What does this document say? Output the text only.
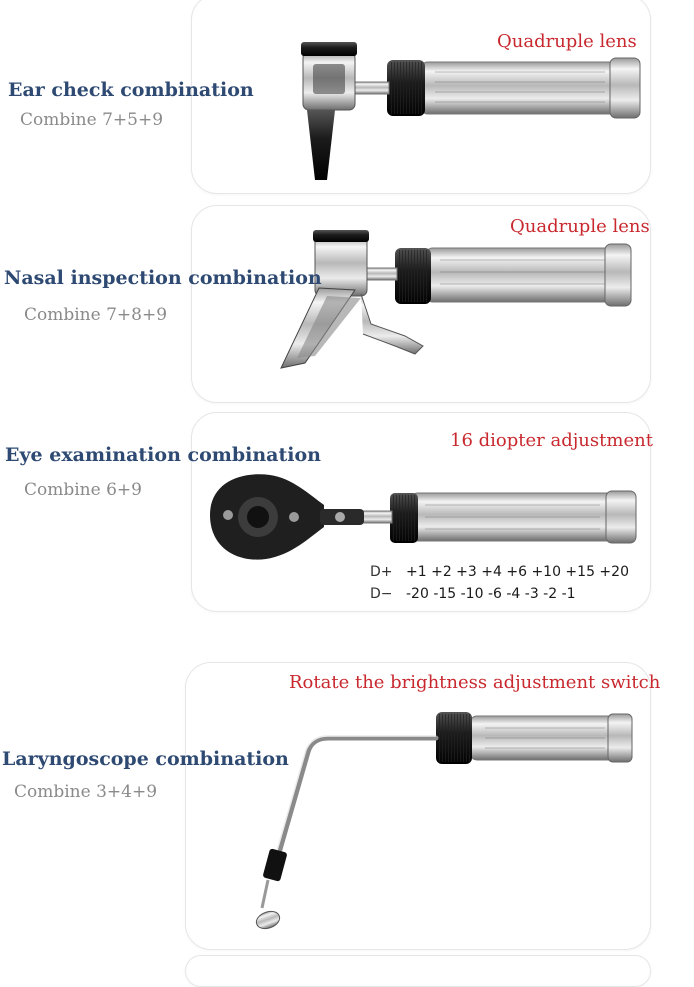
Ear check combination
Combine 7+5+9
Quadruple lens
Nasal inspection combination
Combine 7+8+9
Quadruple lens
D+ +1 +2 +3 +4 +6 +10 +15 +20
D− -20 -15 -10 -6 -4 -3 -2 -1
Eye examination combination
Combine 6+9
16 diopter adjustment
Laryngoscope combination
Combine 3+4+9
Rotate the brightness adjustment switch
